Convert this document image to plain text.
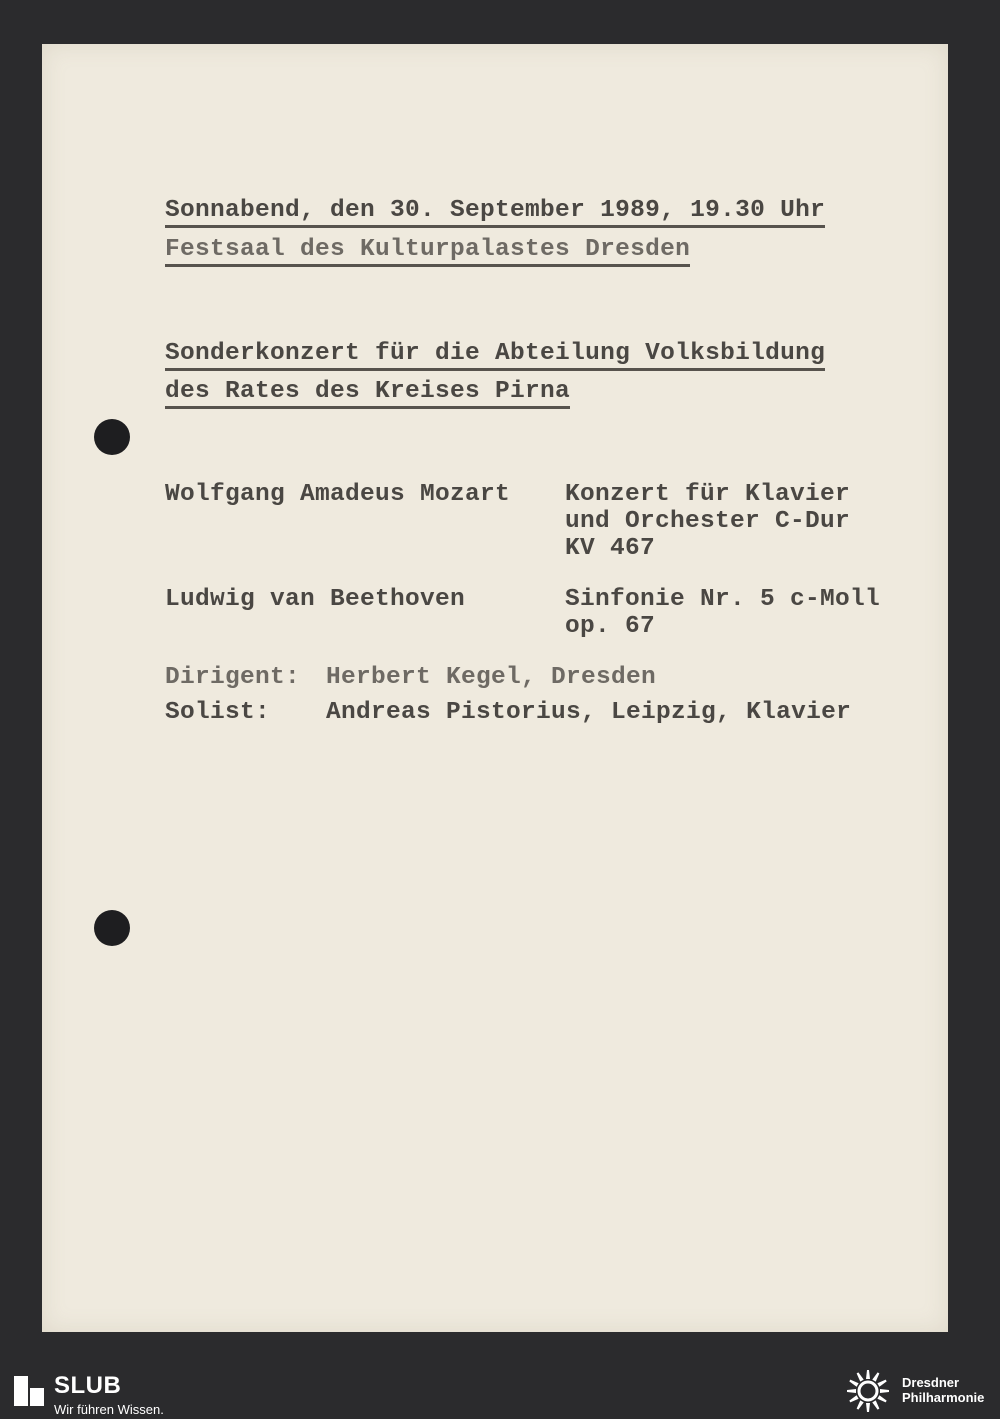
Sonnabend, den 30. September 1989, 19.30 Uhr
Festsaal des Kulturpalastes Dresden
Sonderkonzert für die Abteilung Volksbildung
des Rates des Kreises Pirna
Wolfgang Amadeus Mozart Konzert für Klavier
und Orchester C-Dur
KV 467
Ludwig van Beethoven	Sinfonie Nr. 5 c-Moll
op. 67
Dirigent: Herbert Kegel, Dresden
Solist: Andreas Pistorius, Leipzig, Klavier
SLUB
Wir führen Wissen.
Dresdner
Philharmonie
